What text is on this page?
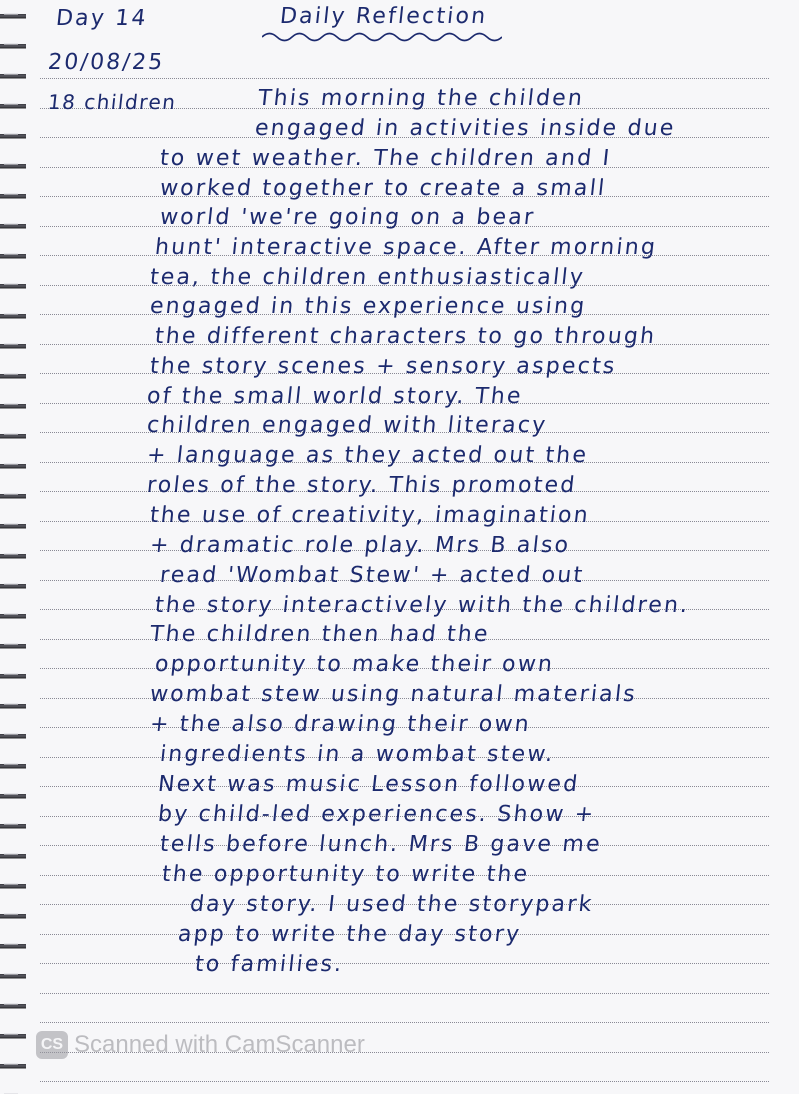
Day 14	Daily Reflection
20/08/25
18 children	This morning the childen
engaged in activities inside due
to wet weather. The children and I
worked together to create a small
world 'we're going on a bear
hunt' interactive space. After morning
tea, the children enthusiastically
engaged in this experience using
the different characters to go through
the story scenes + sensory aspects
of the small world story. The
children engaged with literacy
+ language as they acted out the
roles of the story. This promoted
the use of creativity, imagination
+ dramatic role play. Mrs B also
read 'Wombat Stew' + acted out
the story interactively with the children.
The children then had the
opportunity to make their own
wombat stew using natural materials
+ the also drawing their own
ingredients in a wombat stew.
Next was music Lesson followed
by child-led experiences. Show +
tells before lunch. Mrs B gave me
the opportunity to write the
day story. I used the storypark
app to write the day story
to families.
CS Scanned with CamScanner
